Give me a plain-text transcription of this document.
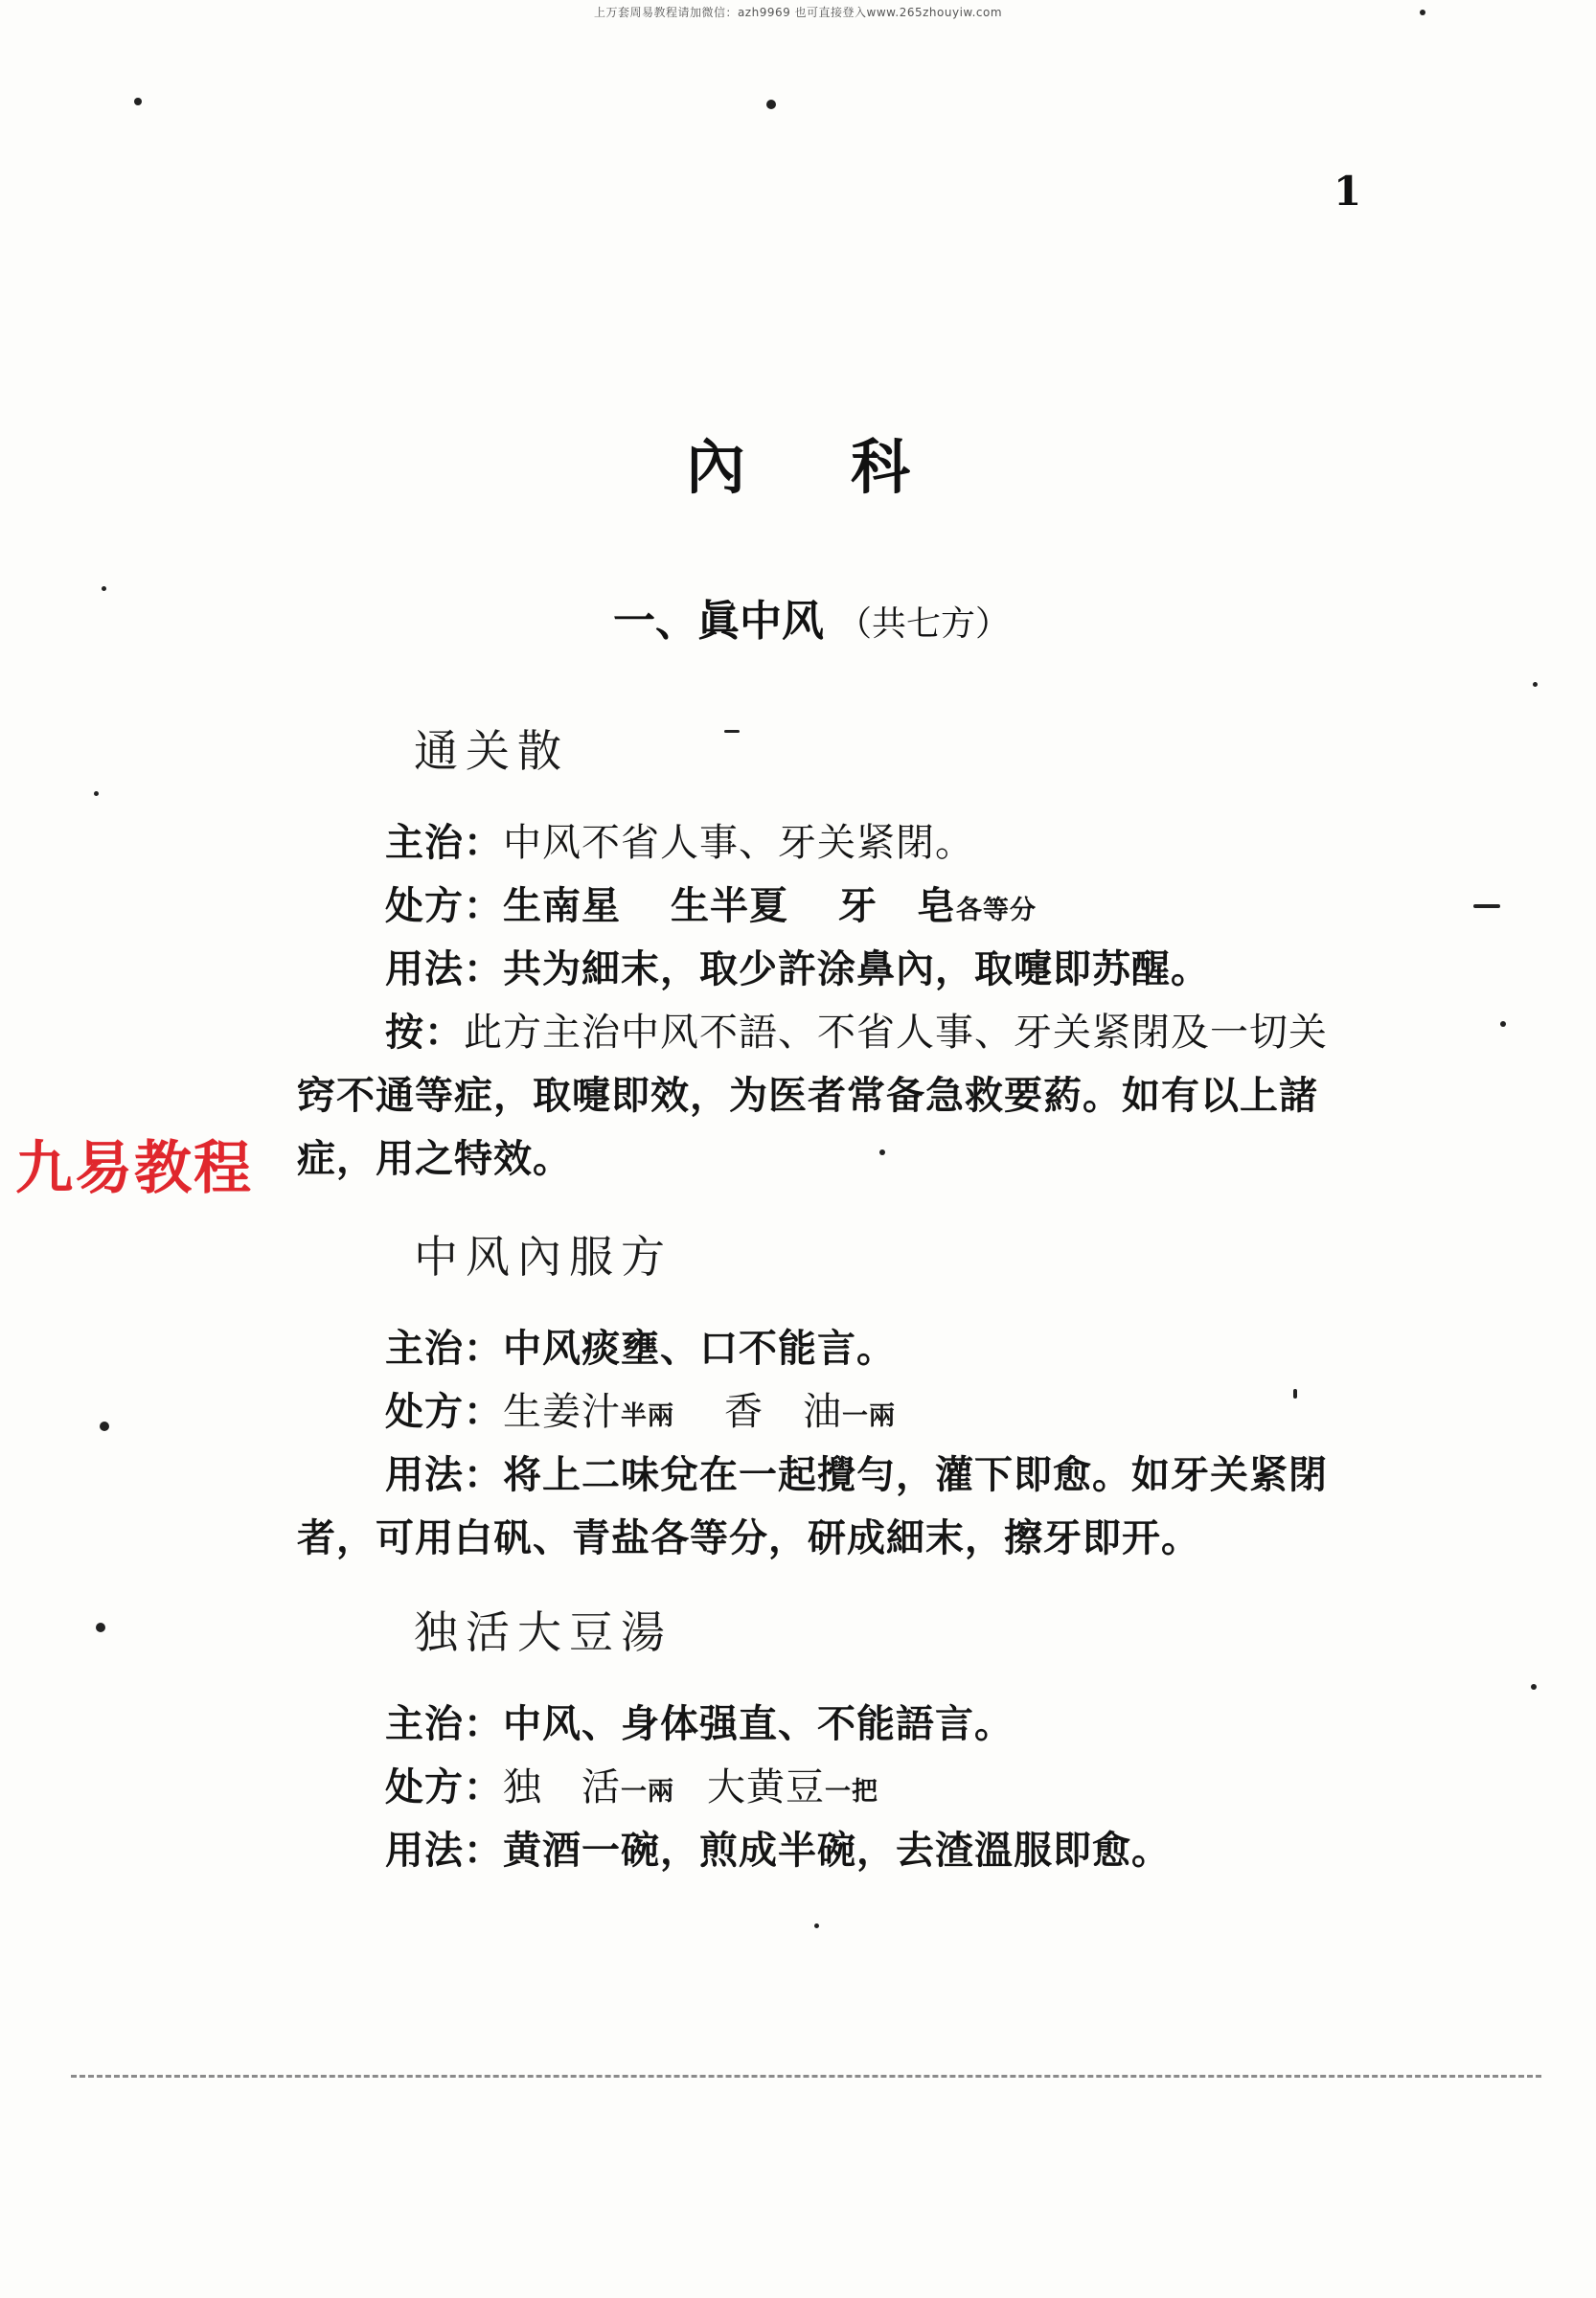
上万套周易教程请加微信：azh9969 也可直接登入www.265zhouyiw.com
1
內科
一、眞中风 （共七方）
通关散
主治：中风不省人事、牙关紧閉。
处方：生南星 生半夏 牙　皂各等分
用法：共为細末，取少許涂鼻內，取嚏即苏醒。
按：此方主治中风不語、不省人事、牙关紧閉及一切关
窍不通等症，取嚏即效，为医者常备急救要葯。如有以上諸
症，用之特效。
中风內服方
主治：中风痰壅、口不能言。
处方：生姜汁半兩 香　油一兩
用法：将上二味兌在一起攪勻，灌下即愈。如牙关紧閉
者，可用白矾、青盐各等分，研成細末，擦牙即开。
独活大豆湯
主治：中风、身体强直、不能語言。
处方：独　活一兩 大黄豆一把
用法：黄酒一碗，煎成半碗，去渣溫服即愈。
九易教程
